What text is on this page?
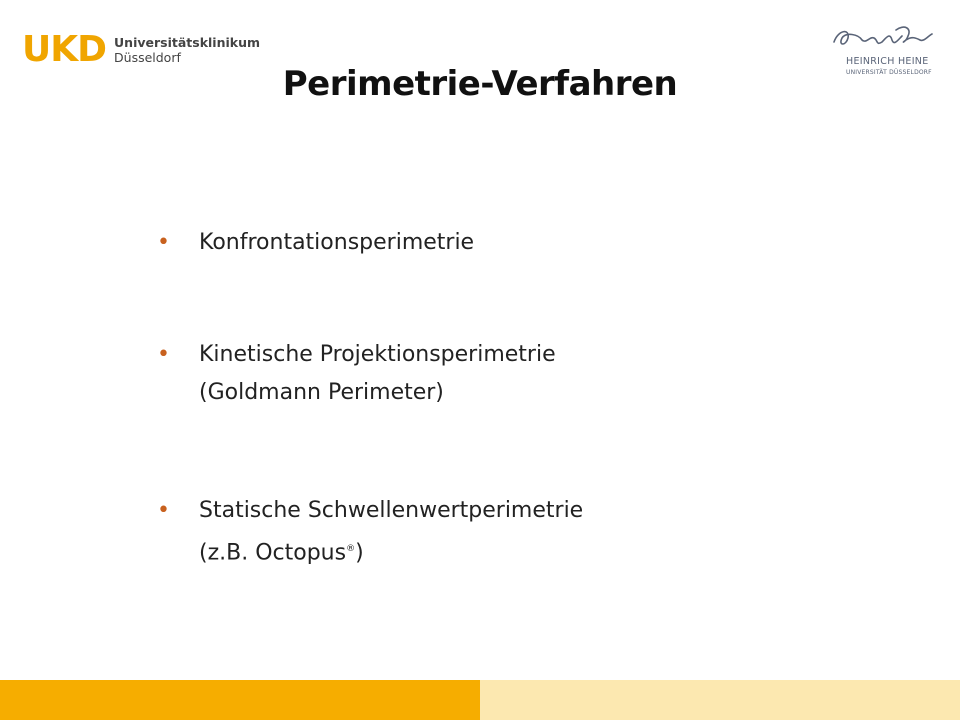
UKD Universitätsklinikum
Düsseldorf	HEINRICH HEINE
UNIVERSITÄT DÜSSELDORF
Perimetrie-Verfahren
•	Konfrontationsperimetrie
•	Kinetische Projektionsperimetrie
(Goldmann Perimeter)
•	Statische Schwellenwertperimetrie
(z.B. Octopus®)
